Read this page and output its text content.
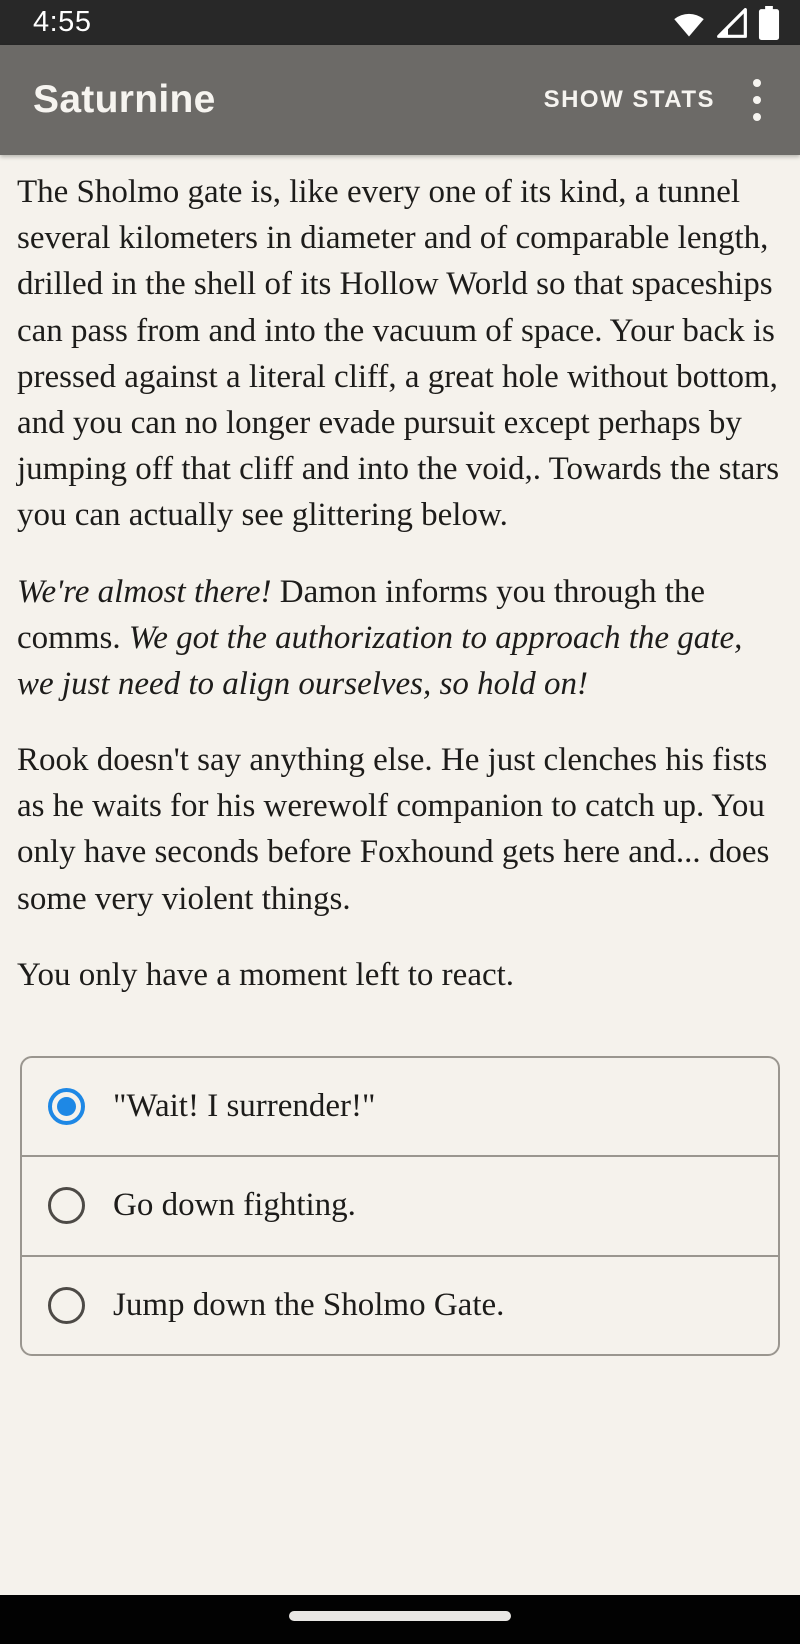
4:55
Saturnine	SHOW STATS

The Sholmo gate is, like every one of its kind, a tunnel several kilometers in diameter and of comparable length, drilled in the shell of its Hollow World so that spaceships can pass from and into the vacuum of space. Your back is pressed against a literal cliff, a great hole without bottom, and you can no longer evade pursuit except perhaps by jumping off that cliff and into the void,. Towards the stars you can actually see glittering below.

We're almost there! Damon informs you through the comms. We got the authorization to approach the gate, we just need to align ourselves, so hold on!

Rook doesn't say anything else. He just clenches his fists as he waits for his werewolf companion to catch up. You only have seconds before Foxhound gets here and... does some very violent things.

You only have a moment left to react.

"Wait! I surrender!"
Go down fighting.
Jump down the Sholmo Gate.
